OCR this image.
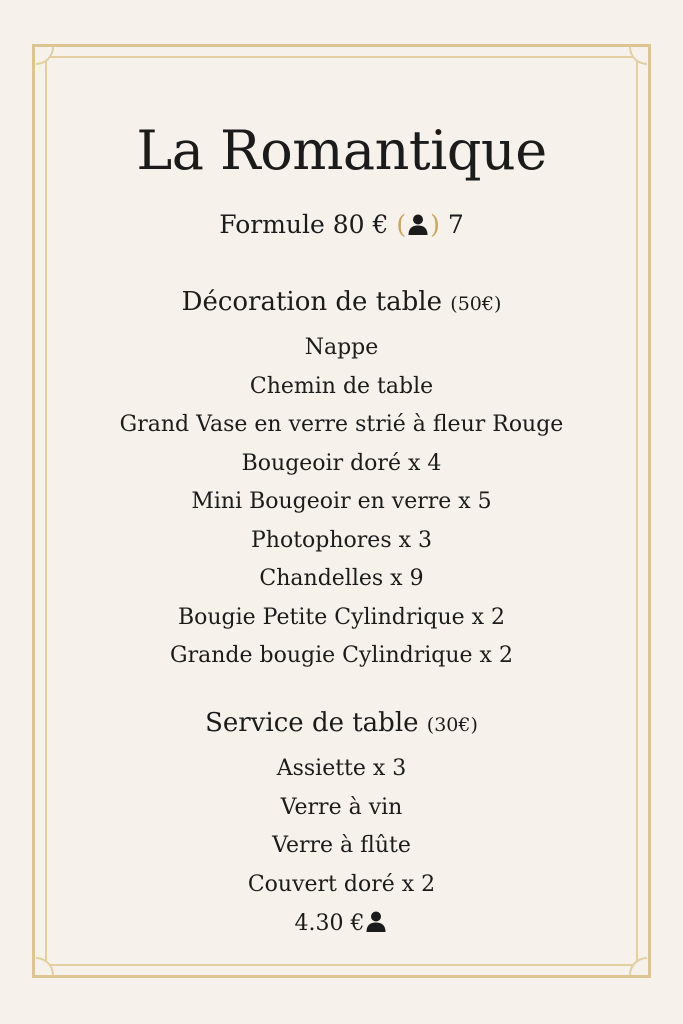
La Romantique
Formule 80 € ( ) 7
Décoration de table (50€)
Nappe
Chemin de table
Grand Vase en verre strié à fleur Rouge
Bougeoir doré x 4
Mini Bougeoir en verre x 5
Photophores x 3
Chandelles x 9
Bougie Petite Cylindrique x 2
Grande bougie Cylindrique x 2
Service de table (30€)
Assiette x 3
Verre à vin
Verre à flûte
Couvert doré x 2
4.30 €
